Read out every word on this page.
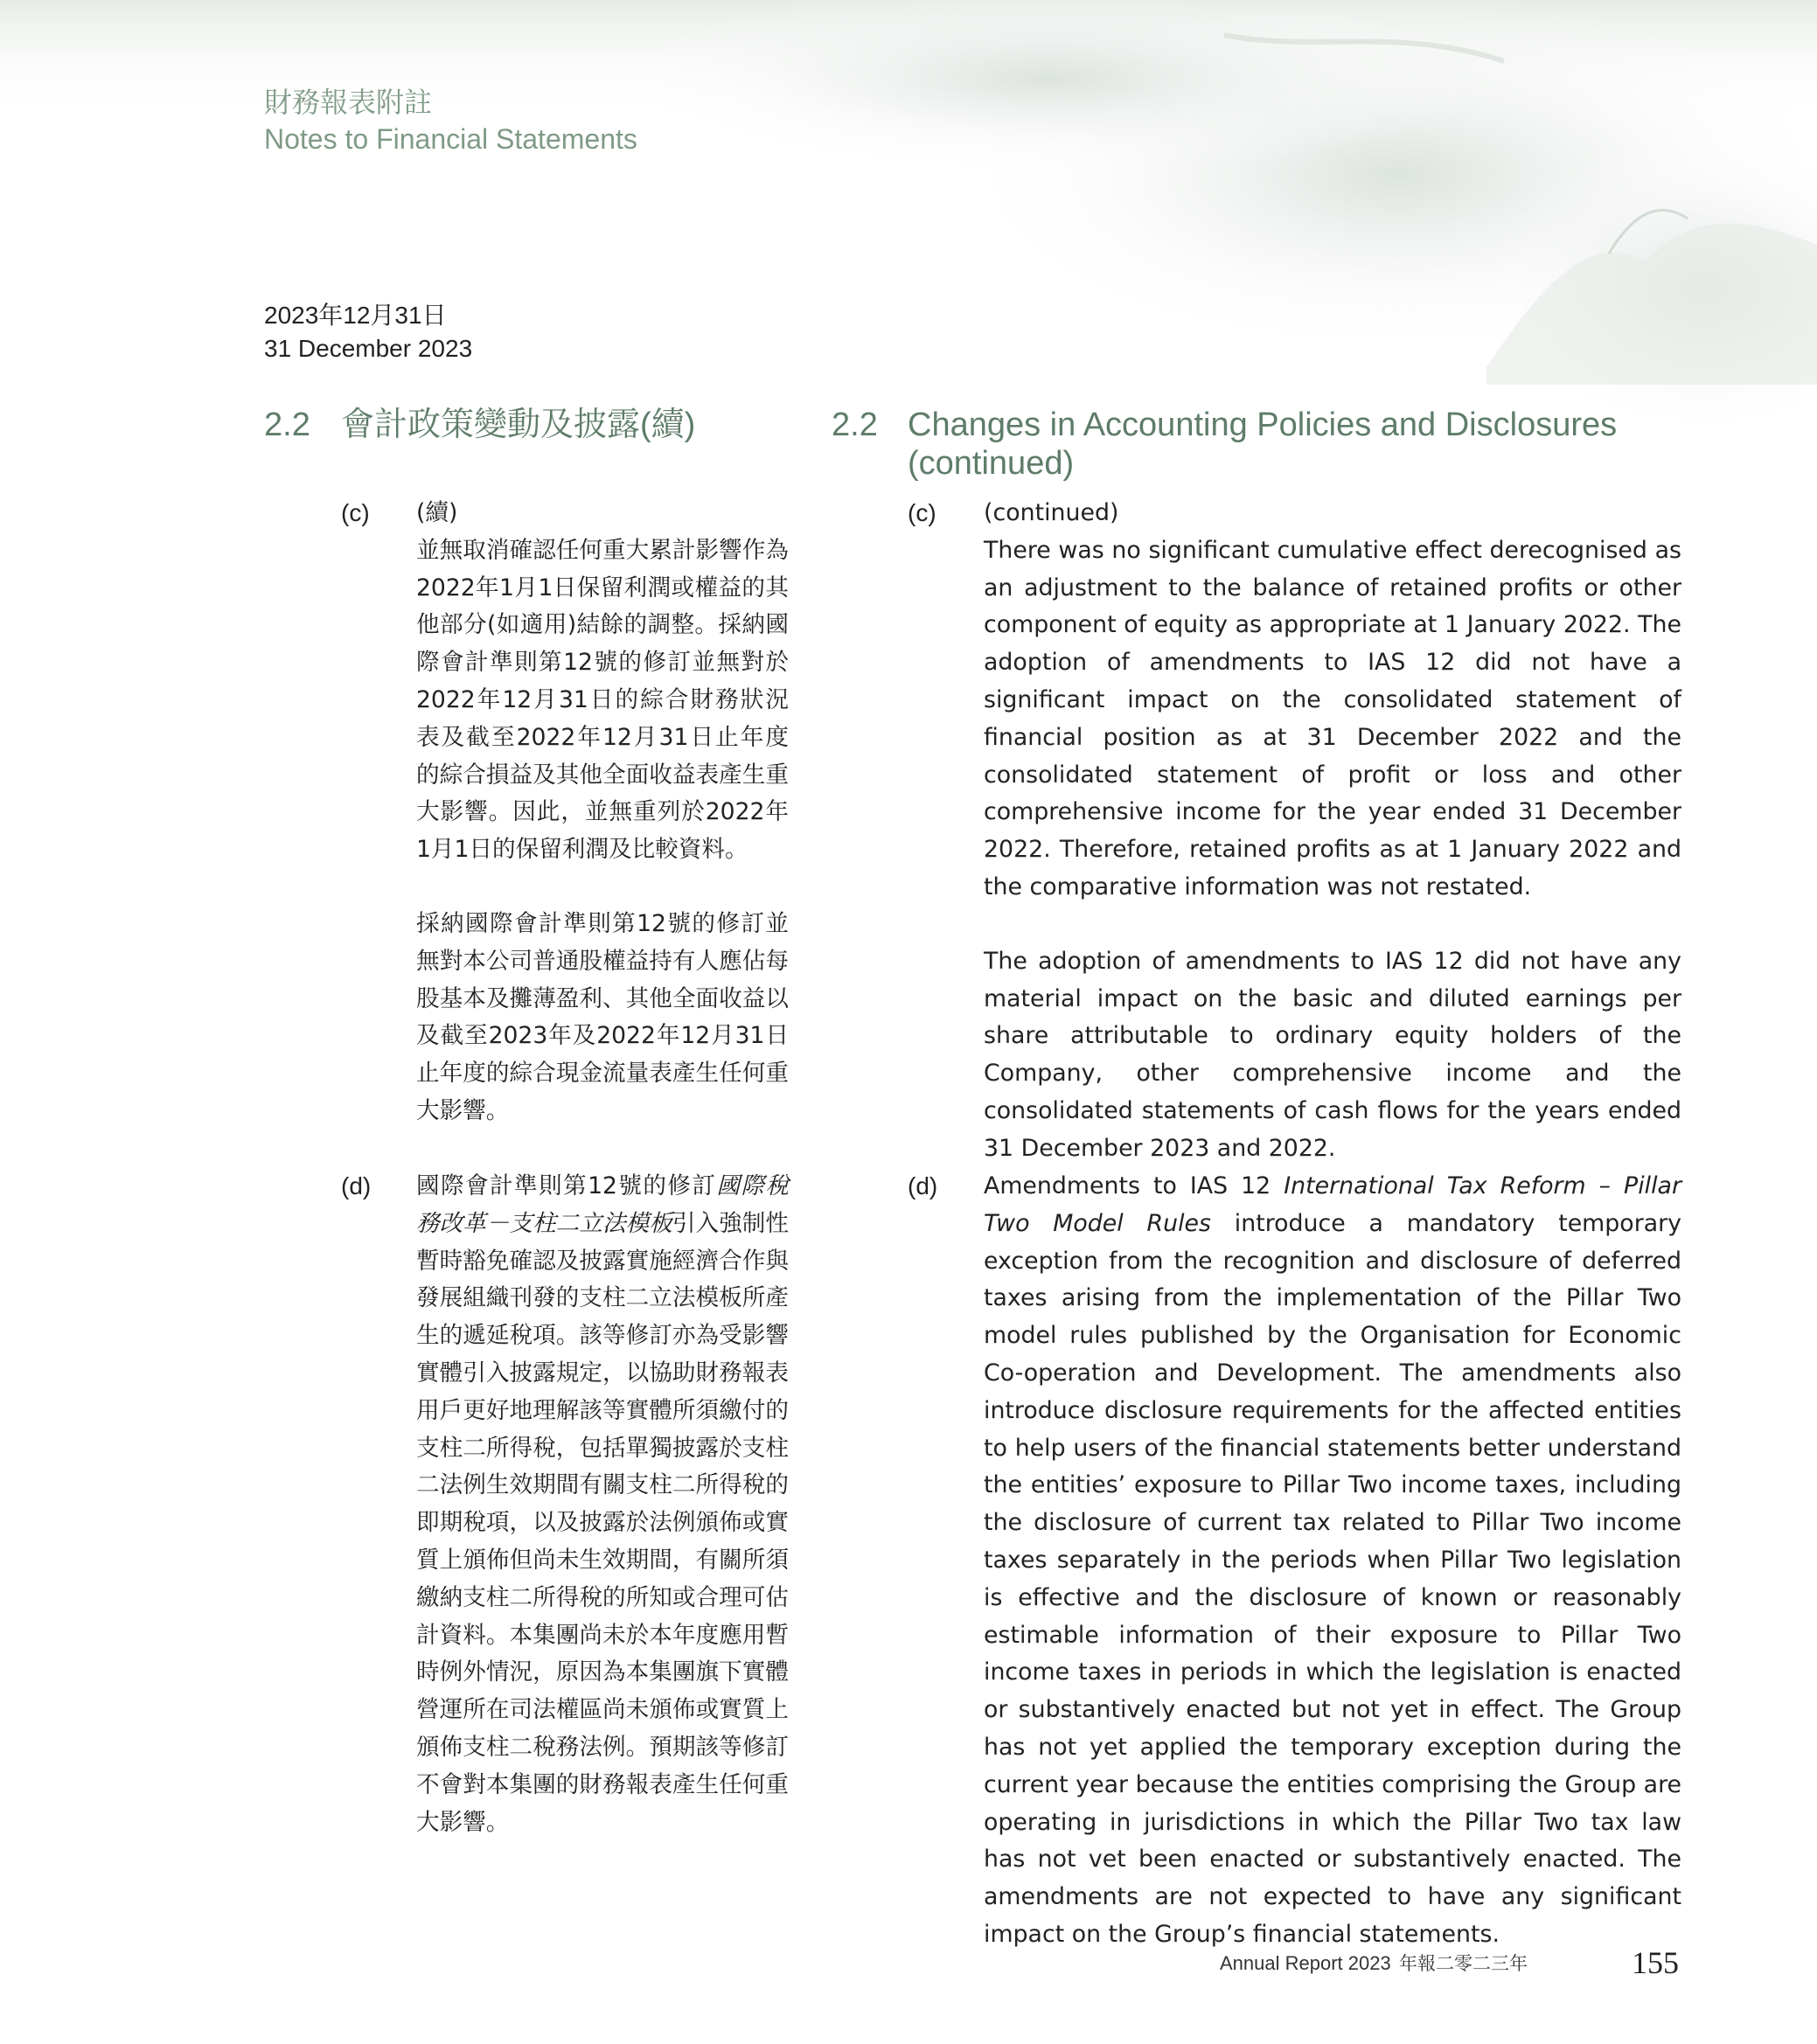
財務報表附註
Notes to Financial Statements
2023年12月31日
31 December 2023
2.2 會計政策變動及披露(續)	2.2 Changes in Accounting Policies and Disclosures (continued)
(c) (續)

並無取消確認任何重大累計影響作為2022年1月1日保留利潤或權益的其他部分(如適用)結餘的調整。採納國際會計準則第12號的修訂並無對於2022年12月31日的綜合財務狀況表及截至2022年12月31日止年度的綜合損益及其他全面收益表產生重大影響。因此，並無重列於2022年1月1日的保留利潤及比較資料。

採納國際會計準則第12號的修訂並無對本公司普通股權益持有人應佔每股基本及攤薄盈利、其他全面收益以及截至2023年及2022年12月31日止年度的綜合現金流量表產生任何重大影響。

(c) (continued)

There was no significant cumulative effect derecognised as an adjustment to the balance of retained profits or other component of equity as appropriate at 1 January 2022. The adoption of amendments to IAS 12 did not have a significant impact on the consolidated statement of financial position as at 31 December 2022 and the consolidated statement of profit or loss and other comprehensive income for the year ended 31 December 2022. Therefore, retained profits as at 1 January 2022 and the comparative information was not restated.

The adoption of amendments to IAS 12 did not have any material impact on the basic and diluted earnings per share attributable to ordinary equity holders of the Company, other comprehensive income and the consolidated statements of cash flows for the years ended 31 December 2023 and 2022.

(d) 國際會計準則第12號的修訂國際稅務改革－支柱二立法模板引入強制性暫時豁免確認及披露實施經濟合作與發展組織刊發的支柱二立法模板所產生的遞延稅項。該等修訂亦為受影響實體引入披露規定，以協助財務報表用戶更好地理解該等實體所須繳付的支柱二所得稅，包括單獨披露於支柱二法例生效期間有關支柱二所得稅的即期稅項，以及披露於法例頒佈或實質上頒佈但尚未生效期間，有關所須繳納支柱二所得稅的所知或合理可估計資料。本集團尚未於本年度應用暫時例外情況，原因為本集團旗下實體營運所在司法權區尚未頒佈或實質上頒佈支柱二稅務法例。預期該等修訂不會對本集團的財務報表產生任何重大影響。

(d) Amendments to IAS 12 International Tax Reform – Pillar Two Model Rules introduce a mandatory temporary exception from the recognition and disclosure of deferred taxes arising from the implementation of the Pillar Two model rules published by the Organisation for Economic Co-operation and Development. The amendments also introduce disclosure requirements for the affected entities to help users of the financial statements better understand the entities’ exposure to Pillar Two income taxes, including the disclosure of current tax related to Pillar Two income taxes separately in the periods when Pillar Two legislation is effective and the disclosure of known or reasonably estimable information of their exposure to Pillar Two income taxes in periods in which the legislation is enacted or substantively enacted but not yet in effect. The Group has not yet applied the temporary exception during the current year because the entities comprising the Group are operating in jurisdictions in which the Pillar Two tax law has not vet been enacted or substantively enacted. The amendments are not expected to have any significant impact on the Group’s financial statements.

Annual Report 2023 年報二零二三年	155
